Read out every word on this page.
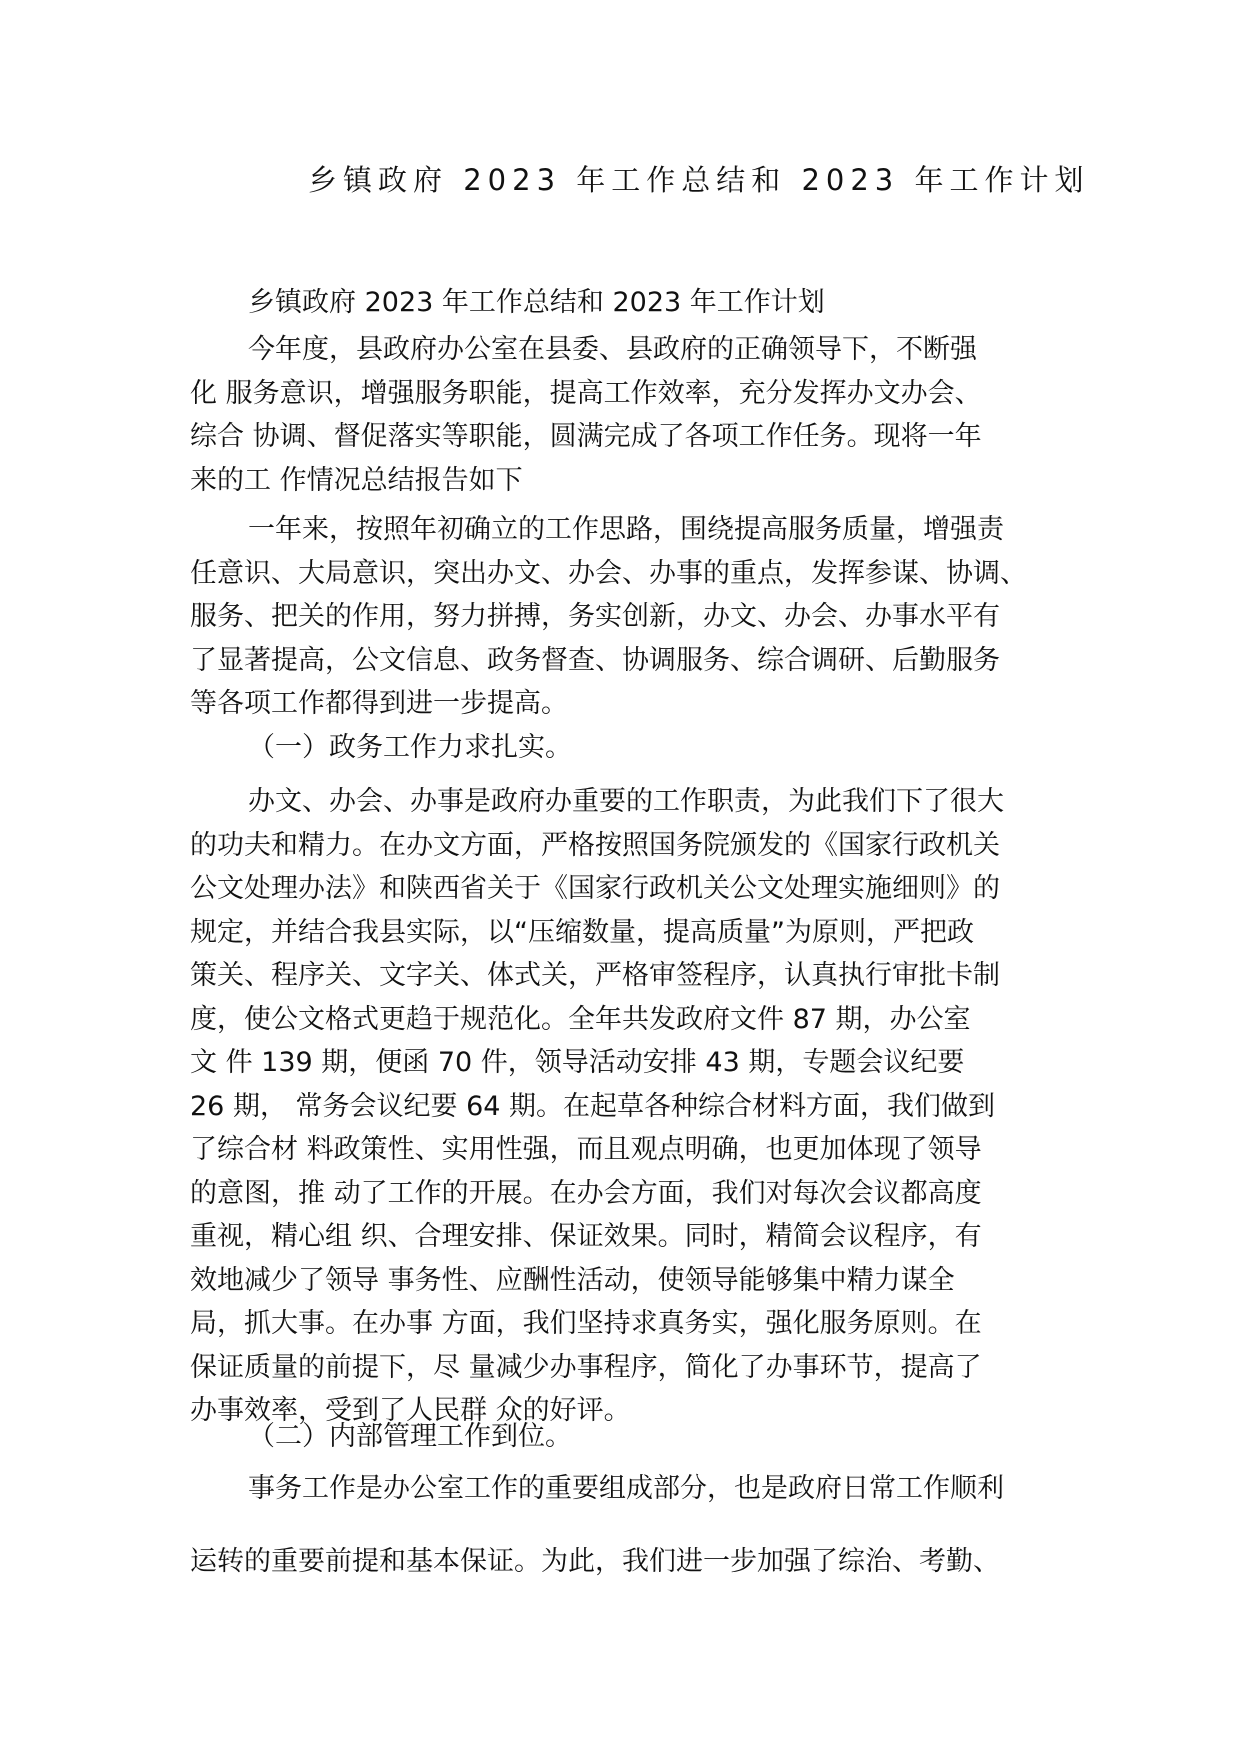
乡镇政府 2023 年工作总结和 2023 年工作计划
乡镇政府 2023 年工作总结和 2023 年工作计划
今年度，县政府办公室在县委、县政府的正确领导下，不断强
化 服务意识，增强服务职能，提高工作效率，充分发挥办文办会、
综合 协调、督促落实等职能，圆满完成了各项工作任务。现将一年
来的工 作情况总结报告如下
一年来，按照年初确立的工作思路，围绕提高服务质量，增强责
任意识、大局意识，突出办文、办会、办事的重点，发挥参谋、协调、
服务、把关的作用，努力拼搏，务实创新，办文、办会、办事水平有
了显著提高，公文信息、政务督查、协调服务、综合调研、后勤服务
等各项工作都得到进一步提高。
（一）政务工作力求扎实。
办文、办会、办事是政府办重要的工作职责，为此我们下了很大
的功夫和精力。在办文方面，严格按照国务院颁发的《国家行政机关
公文处理办法》和陕西省关于《国家行政机关公文处理实施细则》的
规定，并结合我县实际，以“压缩数量，提高质量”为原则，严把政
策关、程序关、文字关、体式关，严格审签程序，认真执行审批卡制
度，使公文格式更趋于规范化。全年共发政府文件 87 期，办公室
文 件 139 期，便函 70 件，领导活动安排 43 期，专题会议纪要
26 期， 常务会议纪要 64 期。在起草各种综合材料方面，我们做到
了综合材 料政策性、实用性强，而且观点明确，也更加体现了领导
的意图，推 动了工作的开展。在办会方面，我们对每次会议都高度
重视，精心组 织、合理安排、保证效果。同时，精简会议程序，有
效地减少了领导 事务性、应酬性活动，使领导能够集中精力谋全
局，抓大事。在办事 方面，我们坚持求真务实，强化服务原则。在
保证质量的前提下，尽 量减少办事程序，简化了办事环节，提高了
办事效率，受到了人民群 众的好评。
（二）内部管理工作到位。
事务工作是办公室工作的重要组成部分，也是政府日常工作顺利
运转的重要前提和基本保证。为此，我们进一步加强了综治、考勤、
